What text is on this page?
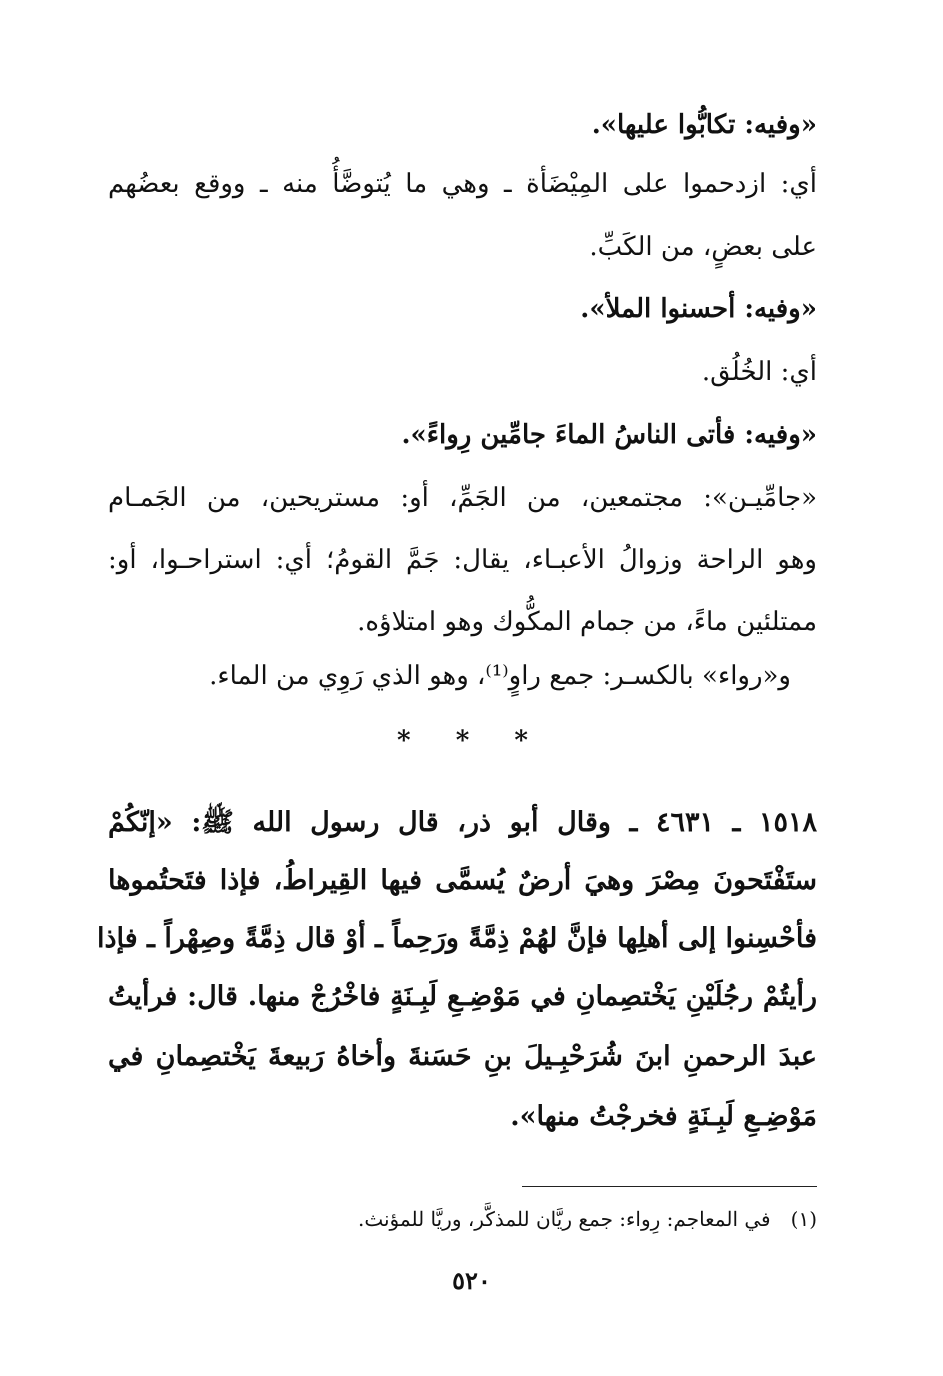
«وفيه: تكابُّوا عليها».
أي: ازدحموا على المِيْضَأة ـ وهي ما يُتوضَّأُ منه ـ ووقع بعضُهم
على بعضٍ، من الكَبِّ.
«وفيه: أحسنوا الملأ».
أي: الخُلُق.
«وفيه: فأتى الناسُ الماءَ جامِّين رِواءً».
«جامِّيـن»: مجتمعين، من الجَمِّ، أو: مستريحين، من الجَمـام
وهو الراحة وزوالُ الأعبـاء، يقال: جَمَّ القومُ؛ أي: استراحـوا، أو:
ممتلئين ماءً، من جمام المكُّوك وهو امتلاؤه.
و«رواء» بالكسـر: جمع راوٍ⁽¹⁾، وهو الذي رَوِي من الماء.
* * *
١٥١٨ ـ ٤٦٣١ ـ وقال أبو ذر، قال رسول الله ﷺ: «إنّكُمْ
ستَفْتَحونَ مِصْرَ وهيَ أرضٌ يُسمَّى فيها القِيراطُ، فإذا فتَحتُموها
فأحْسِنوا إلى أهلِها فإنَّ لهُمْ ذِمَّةً ورَحِماً ـ أوْ قال ذِمَّةً وصِهْراً ـ فإذا
رأيتُمْ رجُلَيْنِ يَخْتصِمانِ في مَوْضِـعِ لَبِـنَةٍ فاخْرُجْ منها. قال: فرأيتُ
عبدَ الرحمنِ ابنَ شُرَحْبِـيلَ بنِ حَسَنةَ وأخاهُ رَبيعةَ يَخْتصِمانِ في
مَوْضِـعِ لَبِـنَةٍ فخرجْتُ منها».
(١)في المعاجم: رِواء: جمع ريَّان للمذكَّر، وريَّا للمؤنث.
٥٢٠
